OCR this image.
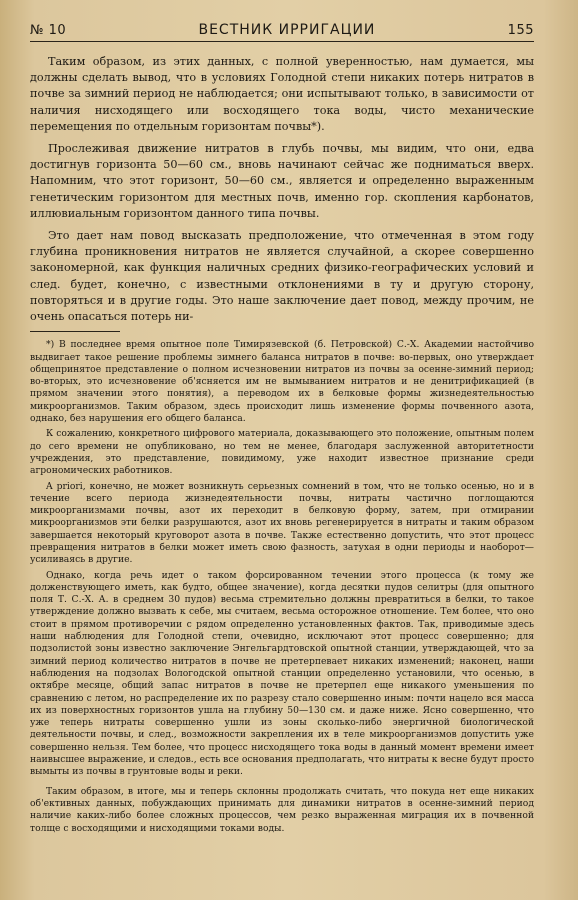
№ 10	ВЕСТНИК ИРРИГАЦИИ	155

Таким образом, из этих данных, с полной уверенностью, нам думается, мы должны сделать вывод, что в условиях Голодной степи никаких потерь нитратов в почве за зимний период не наблюдается; они испытывают только, в зависимости от наличия нисходящего или восходящего тока воды, чисто механические перемещения по отдельным горизонтам почвы*).

Прослеживая движение нитратов в глубь почвы, мы видим, что они, едва достигнув горизонта 50—60 см., вновь начинают сейчас же подниматься вверх. Напомним, что этот горизонт, 50—60 см., является и определенно выраженным генетическим горизонтом для местных почв, именно гор. скопления карбонатов, иллювиальным горизонтом данного типа почвы.

Это дает нам повод высказать предположение, что отмеченная в этом году глубина проникновения нитратов не является случайной, а скорее совершенно закономерной, как функция наличных средних физико-географических условий и след. будет, конечно, с известными отклонениями в ту и другую сторону, повторяться и в другие годы. Это наше заключение дает повод, между прочим, не очень опасаться потерь ни-

*) В последнее время опытное поле Тимирязевской (б. Петровской) С.-Х. Академии настойчиво выдвигает такое решение проблемы зимнего баланса нитратов в почве: во-первых, оно утверждает общепринятое представление о полном исчезновении нитратов из почвы за осенне-зимний период; во-вторых, это исчезновение об'ясняется им не вымыванием нитратов и не денитрификацией (в прямом значении этого понятия), а переводом их в белковые формы жизнедеятельностью микроорганизмов. Таким образом, здесь происходит лишь изменение формы почвенного азота, однако, без нарушения его общего баланса.

К сожалению, конкретного цифрового материала, доказывающего это положение, опытным полем до сего времени не опубликовано, но тем не менее, благодаря заслуженной авторитетности учреждения, это представление, повидимому, уже находит известное признание среди агрономических работников.

A priori, конечно, не может возникнуть серьезных сомнений в том, что не только осенью, но и в течение всего периода жизнедеятельности почвы, нитраты частично поглощаются микроорганизмами почвы, азот их переходит в белковую форму, затем, при отмирании микроорганизмов эти белки разрушаются, азот их вновь регенерируется в нитраты и таким образом завершается некоторый круговорот азота в почве. Также естественно допустить, что этот процесс превращения нитратов в белки может иметь свою фазность, затухая в одни периоды и наоборот—усиливаясь в другие.

Однако, когда речь идет о таком форсированном течении этого процесса (к тому же долженствующего иметь, как будто, общее значение), когда десятки пудов селитры (для опытного поля Т. С.-Х. А. в среднем 30 пудов) весьма стремительно должны превратиться в белки, то такое утверждение должно вызвать к себе, мы считаем, весьма осторожное отношение. Тем более, что оно стоит в прямом противоречии с рядом определенно установленных фактов. Так, приводимые здесь наши наблюдения для Голодной степи, очевидно, исключают этот процесс совершенно; для подзолистой зоны известно заключение Энгельгардтовской опытной станции, утверждающей, что за зимний период количество нитратов в почве не претерпевает никаких изменений; наконец, наши наблюдения на подзолах Вологодской опытной станции определенно установили, что осенью, в октябре месяце, общий запас нитратов в почве не претерпел еще никакого уменьшения по сравнению с летом, но распределение их по разрезу стало совершенно иным: почти нацело вся масса их из поверхностных горизонтов ушла на глубину 50—130 см. и даже ниже. Ясно совершенно, что уже теперь нитраты совершенно ушли из зоны сколько-либо энергичной биологической деятельности почвы, и след., возможности закрепления их в теле микроорганизмов допустить уже совершенно нельзя. Тем более, что процесс нисходящего тока воды в данный момент времени имеет наивысшее выражение, и следов., есть все основания предполагать, что нитраты к весне будут просто вымыты из почвы в грунтовые воды и реки.

Таким образом, в итоге, мы и теперь склонны продолжать считать, что покуда нет еще никаких об'ективных данных, побуждающих принимать для динамики нитратов в осенне-зимний период наличие каких-либо более сложных процессов, чем резко выраженная миграция их в почвенной толще с восходящими и нисходящими токами воды.
